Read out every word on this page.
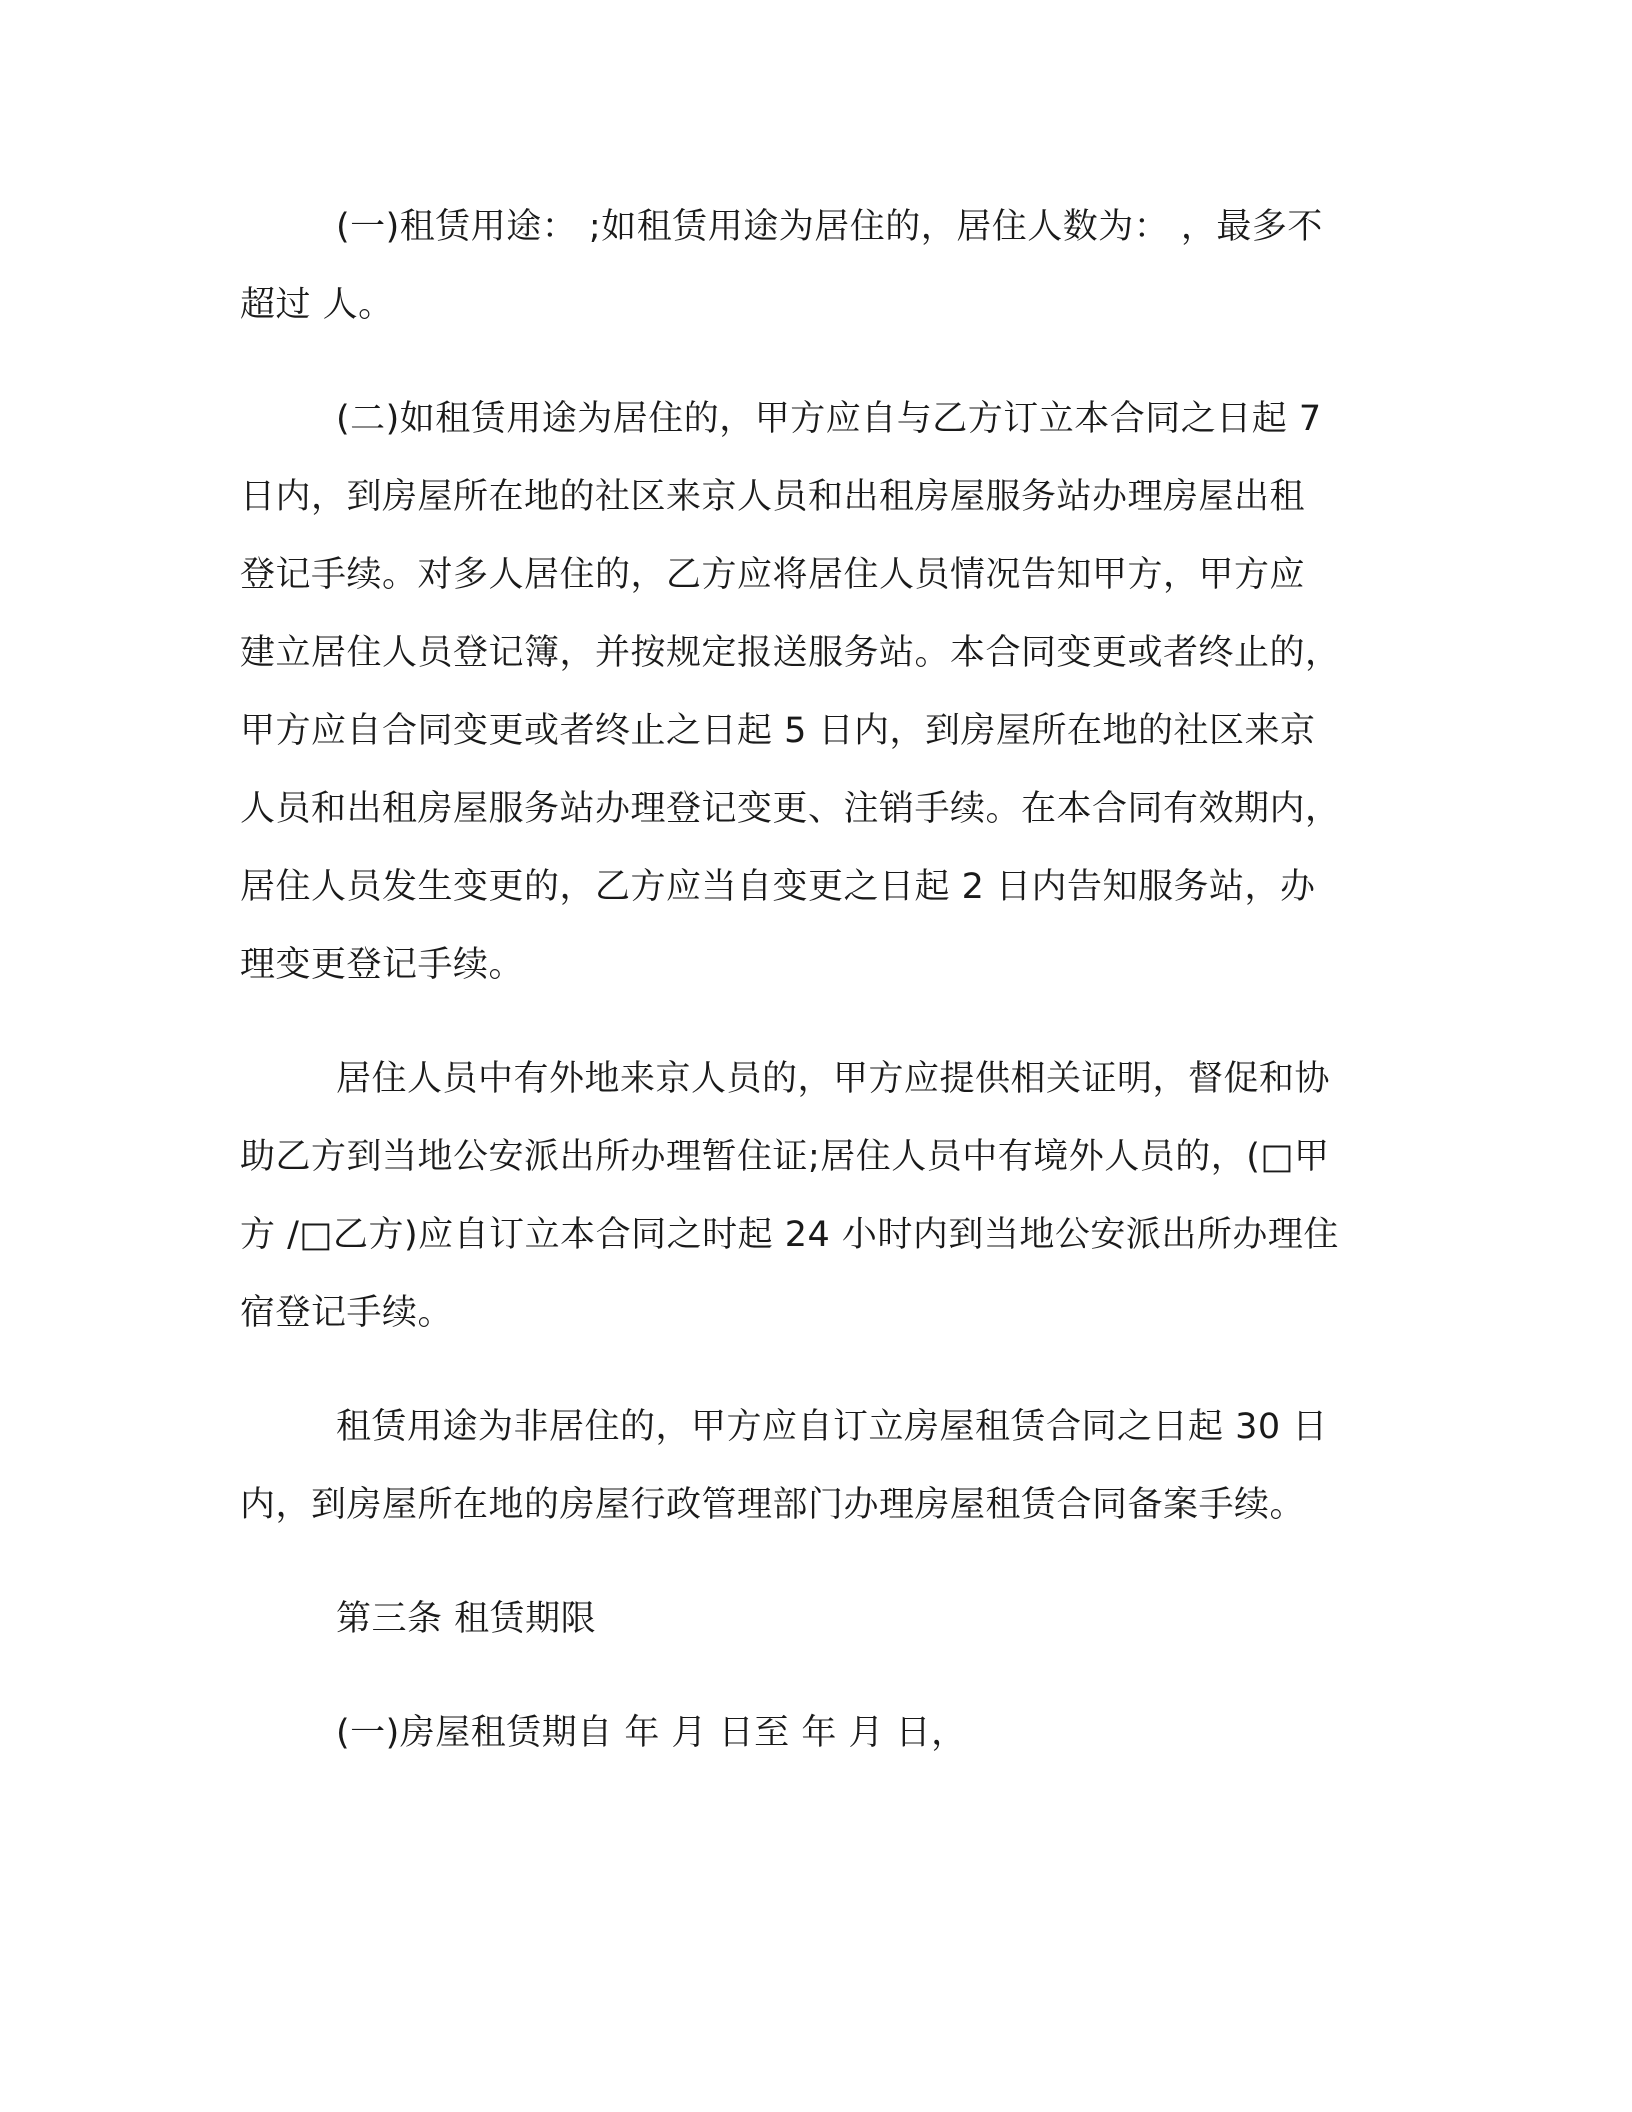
(一)租赁用途： ;如租赁用途为居住的，居住人数为： ，最多不
超过 人。

(二)如租赁用途为居住的，甲方应自与乙方订立本合同之日起 7
日内，到房屋所在地的社区来京人员和出租房屋服务站办理房屋出租
登记手续。对多人居住的，乙方应将居住人员情况告知甲方，甲方应
建立居住人员登记簿，并按规定报送服务站。本合同变更或者终止的，
甲方应自合同变更或者终止之日起 5 日内，到房屋所在地的社区来京
人员和出租房屋服务站办理登记变更、注销手续。在本合同有效期内，
居住人员发生变更的，乙方应当自变更之日起 2 日内告知服务站，办
理变更登记手续。

居住人员中有外地来京人员的，甲方应提供相关证明，督促和协
助乙方到当地公安派出所办理暂住证;居住人员中有境外人员的，(□甲
方 /□乙方)应自订立本合同之时起 24 小时内到当地公安派出所办理住
宿登记手续。

租赁用途为非居住的，甲方应自订立房屋租赁合同之日起 30 日
内，到房屋所在地的房屋行政管理部门办理房屋租赁合同备案手续。

第三条 租赁期限

(一)房屋租赁期自 年 月 日至 年 月 日，
